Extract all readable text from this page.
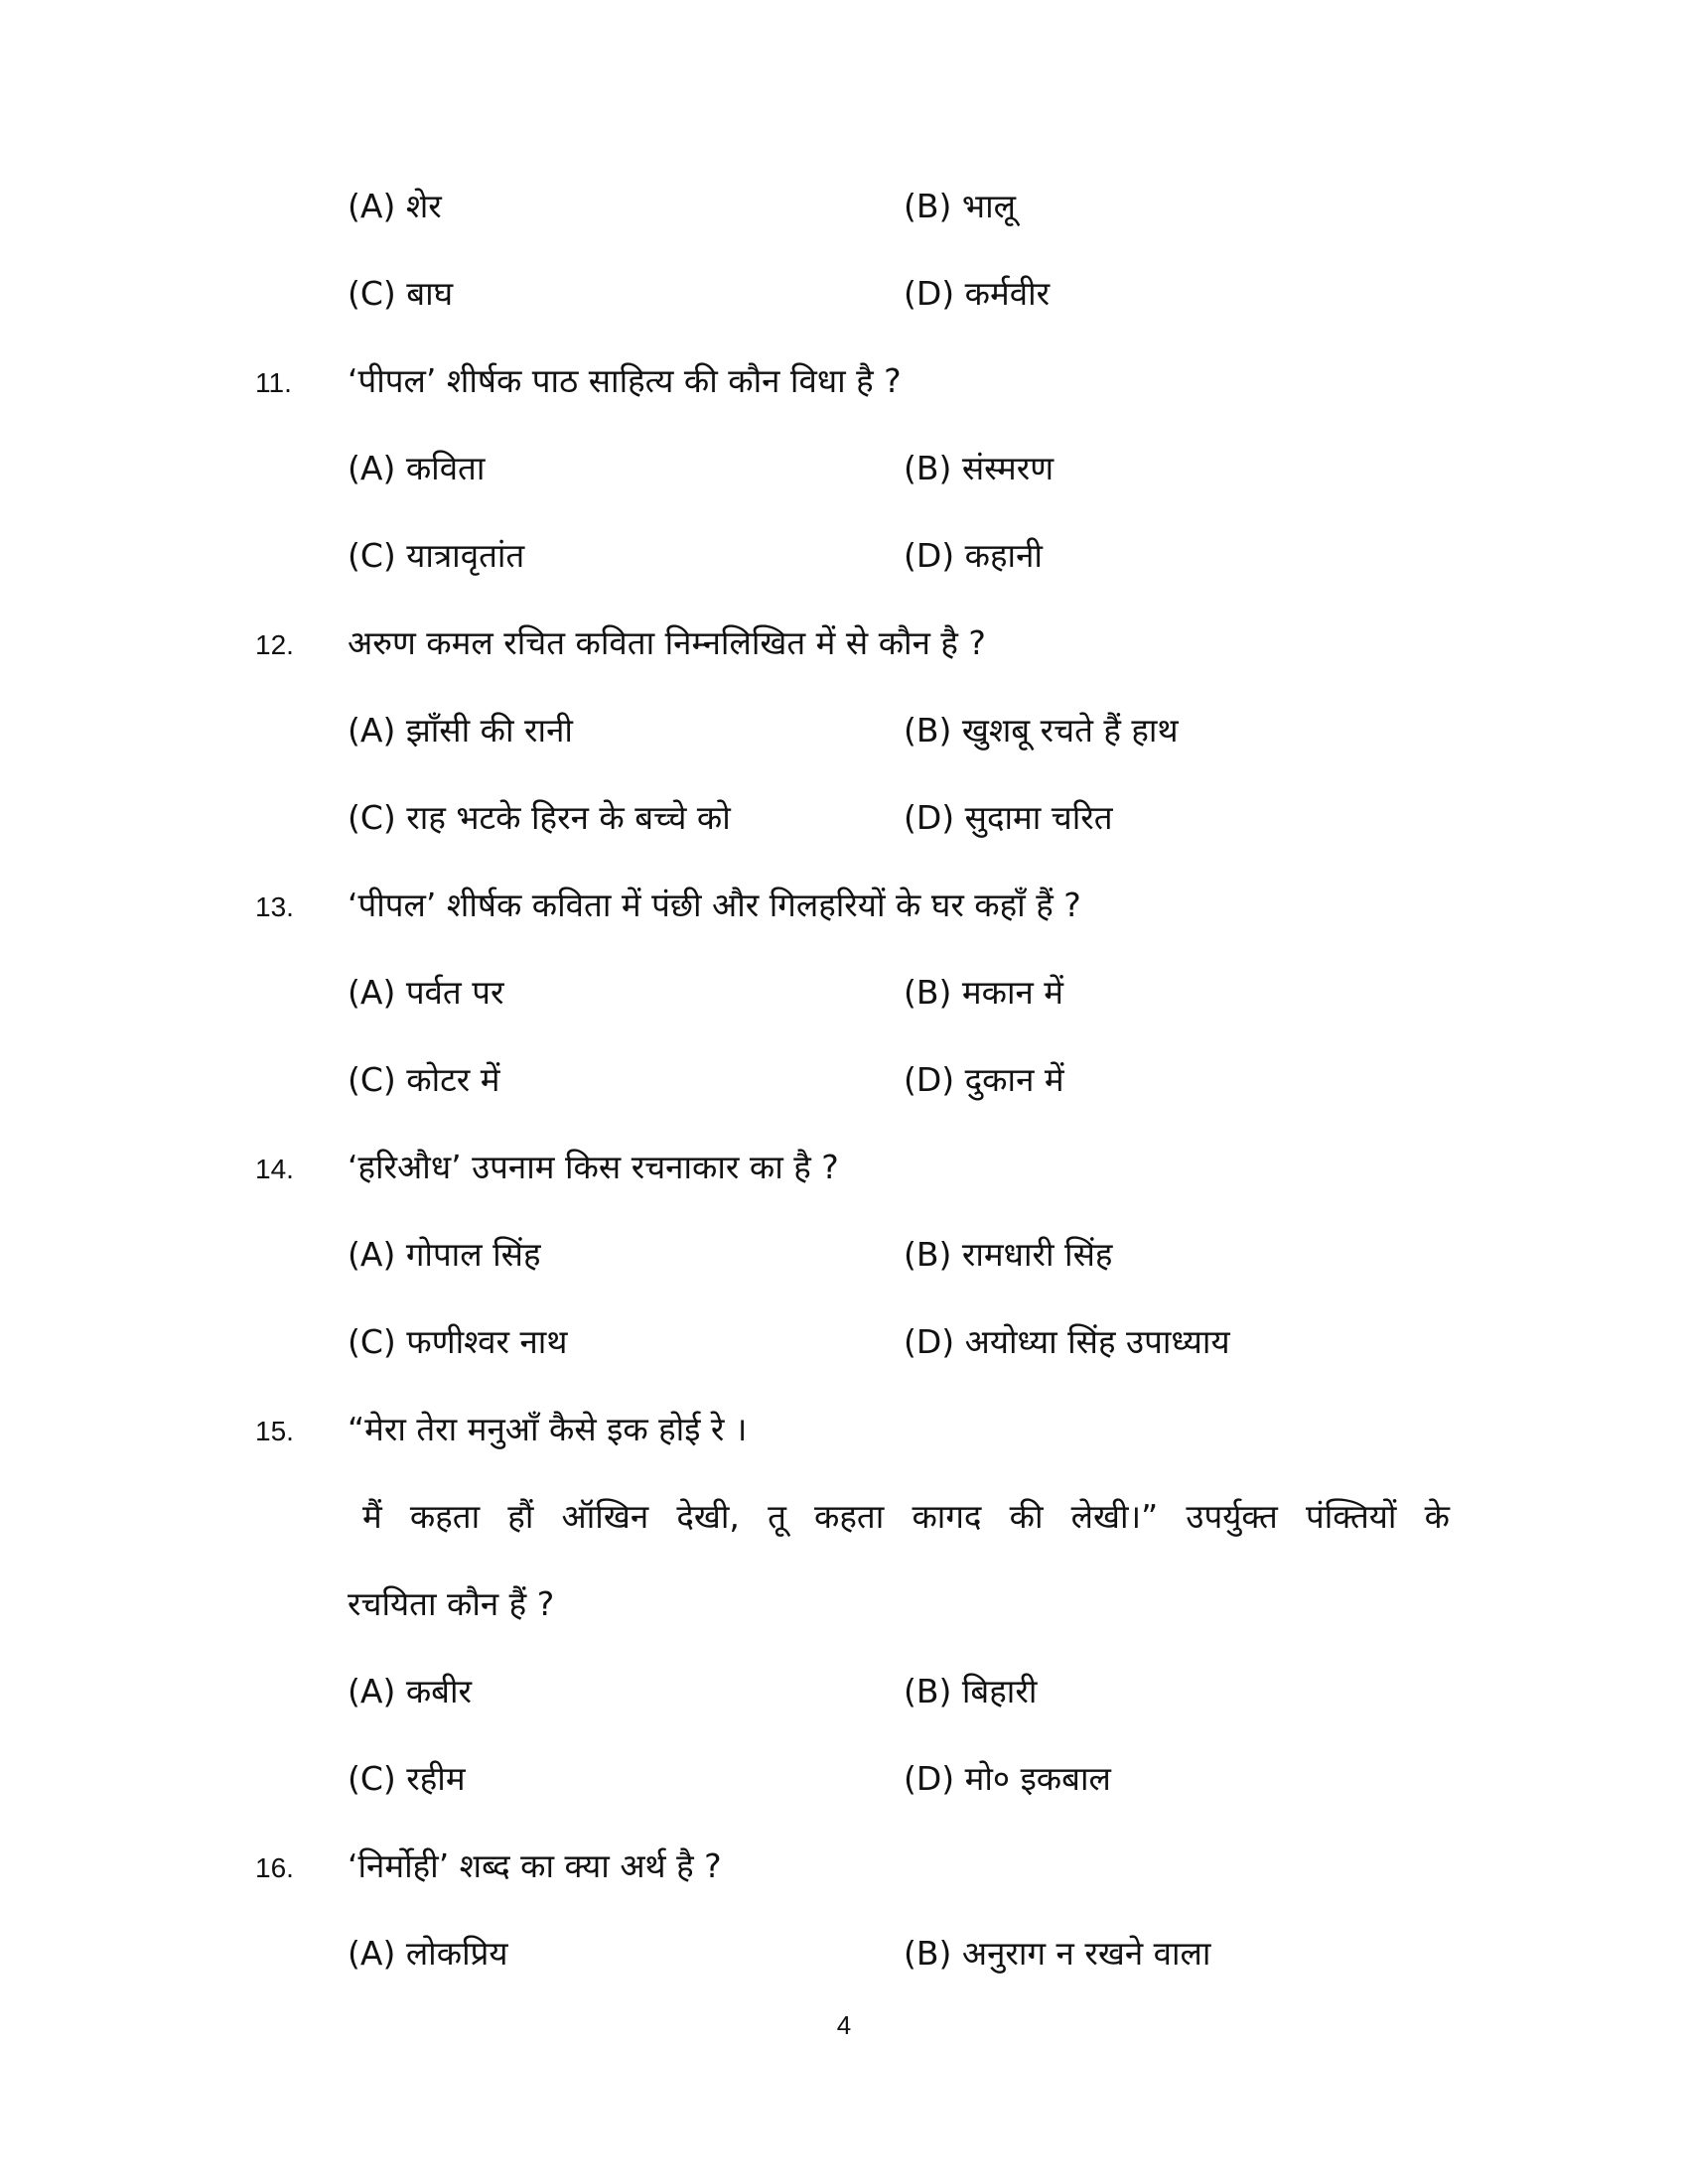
(A) शेर	(B) भालू
(C) बाघ	(D) कर्मवीर
11. ‘पीपल’ शीर्षक पाठ साहित्य की कौन विधा है ?
(A) कविता	(B) संस्मरण
(C) यात्रावृतांत	(D) कहानी
12. अरुण कमल रचित कविता निम्नलिखित में से कौन है ?
(A) झाँसी की रानी	(B) खुशबू रचते हैं हाथ
(C) राह भटके हिरन के बच्चे को	(D) सुदामा चरित
13. ‘पीपल’ शीर्षक कविता में पंछी और गिलहरियों के घर कहाँ हैं ?
(A) पर्वत पर	(B) मकान में
(C) कोटर में	(D) दुकान में
14. ‘हरिऔध’ उपनाम किस रचनाकार का है ?
(A) गोपाल सिंह	(B) रामधारी सिंह
(C) फणीश्वर नाथ	(D) अयोध्या सिंह उपाध्याय
15. “मेरा तेरा मनुआँ कैसे इक होई रे ।
मैं कहता हौं ऑखिन देखी, तू कहता कागद की लेखी।” उपर्युक्त पंक्तियों के
रचयिता कौन हैं ?
(A) कबीर	(B) बिहारी
(C) रहीम	(D) मो० इकबाल
16. ‘निर्मोही’ शब्द का क्या अर्थ है ?
(A) लोकप्रिय	(B) अनुराग न रखने वाला
4
